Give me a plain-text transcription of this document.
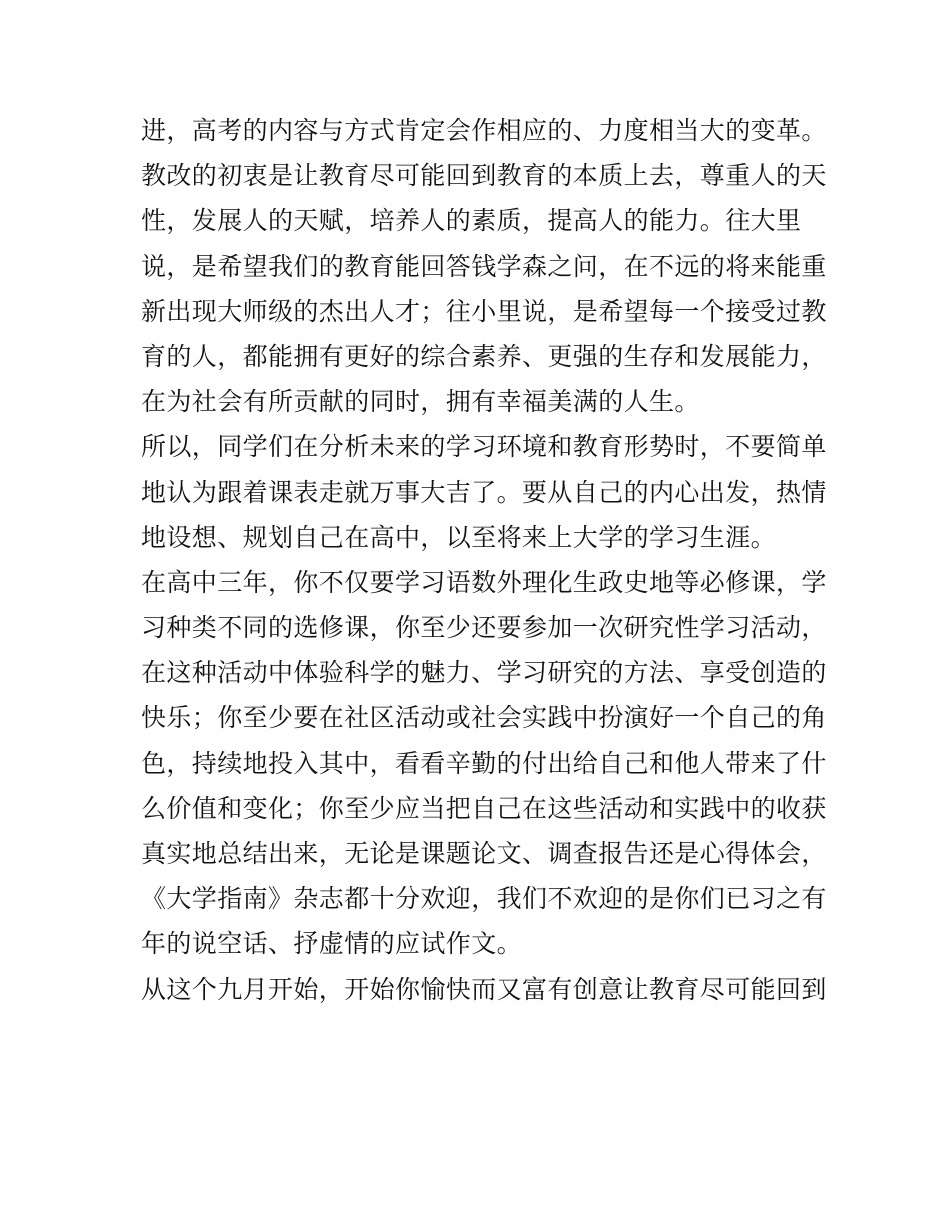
进，高考的内容与方式肯定会作相应的、力度相当大的变革。
教改的初衷是让教育尽可能回到教育的本质上去，尊重人的天
性，发展人的天赋，培养人的素质，提高人的能力。往大里
说，是希望我们的教育能回答钱学森之问，在不远的将来能重
新出现大师级的杰出人才；往小里说，是希望每一个接受过教
育的人，都能拥有更好的综合素养、更强的生存和发展能力，
在为社会有所贡献的同时，拥有幸福美满的人生。
所以，同学们在分析未来的学习环境和教育形势时，不要简单
地认为跟着课表走就万事大吉了。要从自己的内心出发，热情
地设想、规划自己在高中，以至将来上大学的学习生涯。
在高中三年，你不仅要学习语数外理化生政史地等必修课，学
习种类不同的选修课，你至少还要参加一次研究性学习活动，
在这种活动中体验科学的魅力、学习研究的方法、享受创造的
快乐；你至少要在社区活动或社会实践中扮演好一个自己的角
色，持续地投入其中，看看辛勤的付出给自己和他人带来了什
么价值和变化；你至少应当把自己在这些活动和实践中的收获
真实地总结出来，无论是课题论文、调查报告还是心得体会，
《大学指南》杂志都十分欢迎，我们不欢迎的是你们已习之有
年的说空话、抒虚情的应试作文。
从这个九月开始，开始你愉快而又富有创意让教育尽可能回到
